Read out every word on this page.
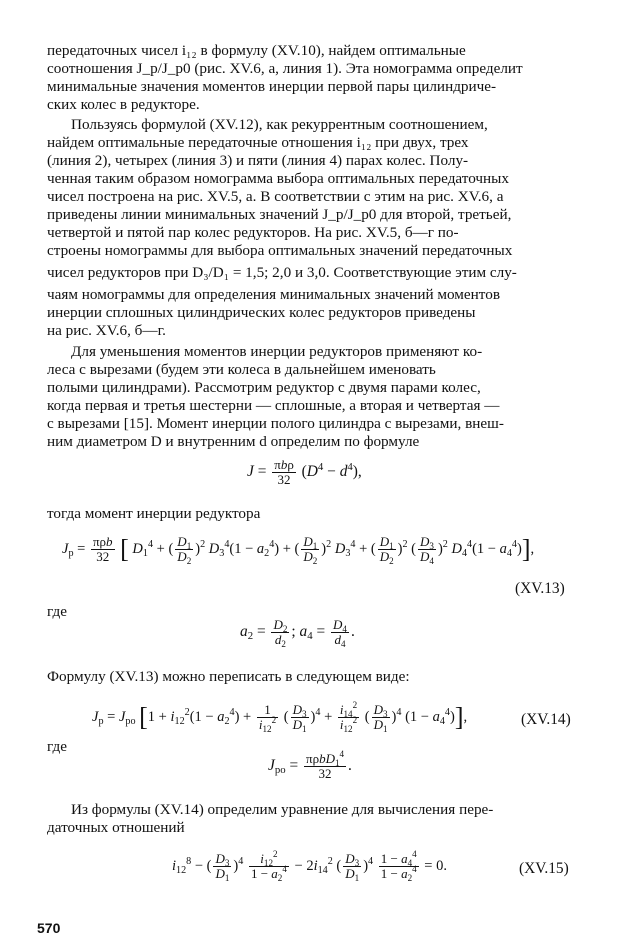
передаточных чисел i₁₂ в формулу (XV.10), найдем оптимальные

соотношения J_p/J_p0 (рис. XV.6, а, линия 1). Эта номограмма определит

минимальные значения моментов инерции первой пары цилиндриче-

ских колес в редукторе.

Пользуясь формулой (XV.12), как рекуррентным соотношением,

найдем оптимальные передаточные отношения i₁₂ при двух, трех

(линия 2), четырех (линия 3) и пяти (линия 4) парах колес. Полу-

ченная таким образом номограмма выбора оптимальных передаточных

чисел построена на рис. XV.5, а. В соответствии с этим на рис. XV.6, а

приведены линии минимальных значений J_p/J_p0 для второй, третьей,

четвертой и пятой пар колес редукторов. На рис. XV.5, б—г по-

строены номограммы для выбора оптимальных значений передаточных

чисел редукторов при D₃/D₁ = 1,5; 2,0 и 3,0. Соответствующие этим слу-

чаям номограммы для определения минимальных значений моментов

инерции сплошных цилиндрических колес редукторов приведены

на рис. XV.6, б—г.

Для уменьшения моментов инерции редукторов применяют ко-

леса с вырезами (будем эти колеса в дальнейшем именовать

полыми цилиндрами). Рассмотрим редуктор с двумя парами колес,

когда первая и третья шестерни — сплошные, а вторая и четвертая —

с вырезами [15]. Момент инерции полого цилиндра с вырезами, внеш-

ним диаметром D и внутренним d определим по формуле

$J = \frac{\text{πbρ}}{32} (D^4 - d^4)$,

тогда момент инерции редуктора

$J_р = \frac{\text{πρb}}{32}$ [ $D_1^4$ + ( $\frac{D_1}{D_2} )^2$ $D_3^4(1 - a_2^4)$ + ( $\frac{D_1}{D_2} )^2$ $D_3^4$ + ( $\frac{D_1}{D_2} )^2$ ( $\frac{D_3}{D_4} )^2$ $D_4^4(1 - a_4^4)$],
(XV.13)
где
$a_2 = \frac{D_2}{d_2}$ ; $a_4 = \frac{D_4}{d_4}$ .

Формулу (XV.13) можно переписать в следующем виде:

$J_р = J_{ро}$ [$1 + i_{12}^2(1 - a_2^4) + \frac{1}{i_{12}^2}$ ( $\frac{D_3}{D_1} )^4 + \frac{i_{14}^2}{i_{12}^2}$ ( $\frac{D_3}{D_1} )^4$ $(1 - a_4^4)$],	(XV.14)
где
$J_{ро} = \frac{\pi\rho bD_1^4}{32}$ .

Из формулы (XV.14) определим уравнение для вычисления пере-

даточных отношений

$i_{12}^8$ − ( $\frac{D_3}{D_1} )^4 \frac{i_{12}^2}{1 - a_2^4} - 2i_{14}^2$ ( $\frac{D_3}{D_1} )^4 \frac{1 - a_4^4}{1 - a_2^4} = 0$.	(XV.15)
570
